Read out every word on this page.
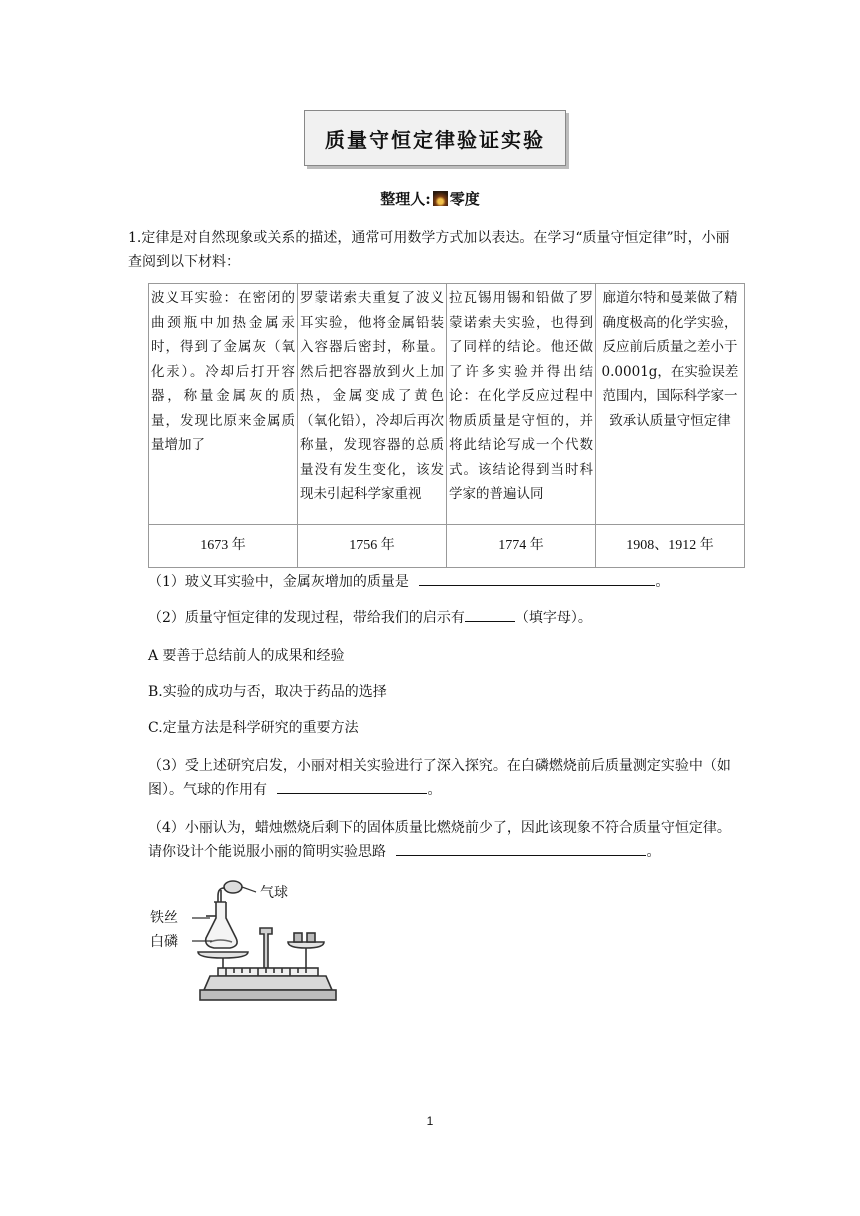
质量守恒定律验证实验
整理人: 零度
1.定律是对自然现象或关系的描述，通常可用数学方式加以表达。在学习“质量守恒定律”时，小丽查阅到以下材料：
波义耳实验：在密闭的曲颈瓶中加热金属汞时，得到了金属灰（氧化汞）。冷却后打开容器，称量金属灰的质量，发现比原来金属质量增加了	罗蒙诺索夫重复了波义耳实验，他将金属铅装入容器后密封，称量。然后把容器放到火上加热，金属变成了黄色（氧化铅），冷却后再次称量，发现容器的总质量没有发生变化，该发现未引起科学家重视	拉瓦锡用锡和铅做了罗蒙诺索夫实验，也得到了同样的结论。他还做了许多实验并得出结论：在化学反应过程中物质质量是守恒的，并将此结论写成一个代数式。该结论得到当时科学家的普遍认同	廊道尔特和曼莱做了精确度极高的化学实验，反应前后质量之差小于 0.0001g，在实验误差范围内，国际科学家一致承认质量守恒定律
1673 年	1756 年	1774 年	1908、1912 年
（1）玻义耳实验中，金属灰增加的质量是	。
（2）质量守恒定律的发现过程，带给我们的启示有	（填字母）。
A 要善于总结前人的成果和经验
B.实验的成功与否，取决于药品的选择
C.定量方法是科学研究的重要方法
（3）受上述研究启发，小丽对相关实验进行了深入探究。在白磷燃烧前后质量测定实验中（如图）。气球的作用有	。
（4）小丽认为，蜡烛燃烧后剩下的固体质量比燃烧前少了，因此该现象不符合质量守恒定律。请你设计个能说服小丽的简明实验思路	。
气球
铁丝
白磷
1
